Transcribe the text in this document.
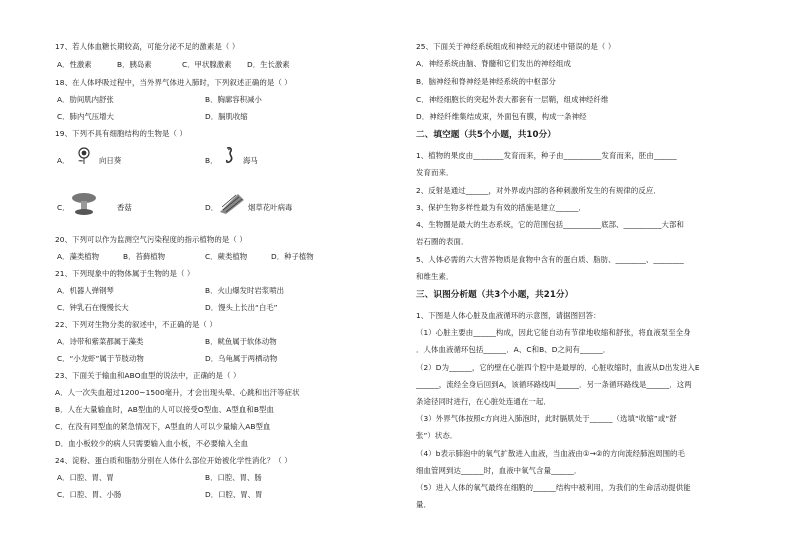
17、若人体血糖长期较高，可能分泌不足的激素是（ ）
A．性激素	B．胰岛素	C．甲状腺激素 D．生长激素
18、在人体呼吸过程中，当外界气体进入肺时，下列叙述正确的是（ ）
A．肋间肌内舒张	B．胸廓容积减小
C．肺内气压增大	D．膈肌收缩
19、下列不具有细胞结构的生物是（ ）
A．	向日葵	B．	海马
C．	香菇	D．	烟草花叶病毒
20、下列可以作为监测空气污染程度的指示植物的是（ ）
A．藻类植物	B．苔藓植物	C．蕨类植物	D．种子植物
21、下列现象中的物体属于生物的是（ ）
A．机器人弹钢琴	B．火山爆发时岩浆喷出
C．钟乳石在慢慢长大	D．馒头上长出“白毛”
22、下列对生物分类的叙述中，不正确的是（ ）
A．诗带和紫菜都属于藻类	B．鱿鱼属于软体动物
C．“小龙虾”属于节肢动物	D．乌龟属于两栖动物
23、下面关于输血和ABO血型的说法中，正确的是（ ）
A．人一次失血超过1200~1500毫升，才会出现头晕、心跳和出汗等症状
B．人在大量输血时，AB型血的人可以接受O型血、A型血和B型血
C．在没有同型血的紧急情况下，A型血的人可以少量输入AB型血
D．血小板较少的病人只需要输入血小板，不必要输入全血
24、淀粉、蛋白质和脂肪分别在人体什么部位开始被化学性消化？（ ）
A．口腔、胃、胃	B．口腔、胃、肠
C．口腔、胃、小肠	D．口腔、胃、胃
25、下面关于神经系统组成和神经元的叙述中错误的是（ ）
A．神经系统由脑、脊髓和它们发出的神经组成
B．脑神经和脊神经是神经系统的中枢部分
C．神经细胞长的突起外表大都套有一层鞘，组成神经纤维
D．神经纤维集结成束，外面包有膜，构成一条神经
二、填空题（共5个小题，共10分）
1、植物的果皮由________发育而来，种子由__________发育而来，胚由______
发育而来．
2、反射是通过______，对外界或内部的各种刺激所发生的有规律的反应．
3、保护生物多样性最为有效的措施是建立______．
4、生物圈是最大的生态系统，它的范围包括__________底部、__________大部和
岩石圈的表面．
5、人体必需的六大营养物质是食物中含有的蛋白质、脂肪、________、________
和维生素．
三、识图分析题（共3个小题，共21分）
1、下图是人体心脏及血液循环的示意图，请据图回答：
（1）心脏主要由______构成，因此它能自动有节律地收缩和舒张，将血液泵至全身
．人体血液循环包括______．A、C和B、D之间有______．
（2）D为______，它的壁在心脏四个腔中是最厚的．心脏收缩时，血液从D出发进入E
______，流经全身后回到A，该循环路线叫______．另一条循环路线是______．这两
条途径同时进行，在心脏处连通在一起．
（3）外界气体按照c方向进入肺泡时，此时膈肌处于______（选填“收缩”或“舒
张”）状态．
（4）b表示肺泡中的氧气扩散进入血液，当血液由①→②的方向流经肺泡周围的毛
细血管网到达______时，血液中氧气含量______．
（5）进入人体的氧气最终在细胞的______结构中被利用，为我们的生命活动提供能
量．
